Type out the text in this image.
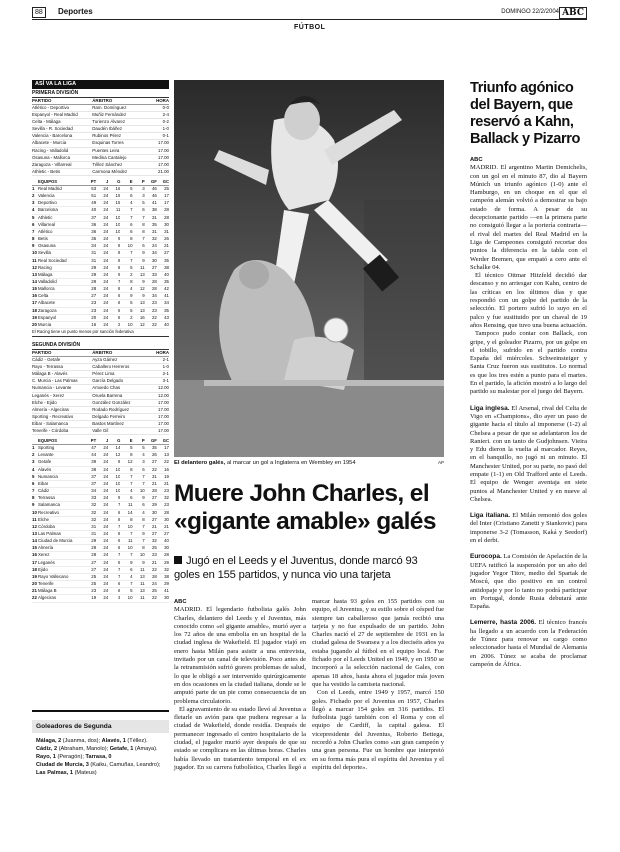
88	Deportes	DOMINGO 22/2/2004 ABC
FÚTBOL
ASÍ VA LA LIGA
PRIMERA DIVISIÓN
PARTIDO	ÁRBITRO	HORA
Atlético - Deportivo	Ram. Domínguez	0-0
Espanyol - Real Madrid	Muñiz Fernández	2-4
Celta - Málaga	Turienzo Álvarez	0-2
Sevilla - R. Sociedad	Daudén Ibáñez	1-0
Valencia - Barcelona	Rubinos Pérez	0-1
Albacete - Murcia	Esquinas Torres	17.00
Racing - Valladolid	Puentes Leira	17.00
Osasuna - Mallorca	Medina Cantalejo	17.00
Zaragoza - Villarreal	Téllez Sánchez	17.00
Athletic - Betis	Carmona Méndez	21.00
	EQUIPOS	PT	J	G	E	P	GF	GC
1	Real Madrid	53	24	16	5	3	46	25
2	Valencia	51	24	15	6	3	46	17
3	Deportivo	49	24	15	4	5	41	17
4	Barcelona	40	24	11	7	6	38	28
5	Athletic	37	24	10	7	7	31	28
6	Villarreal	36	24	10	6	8	35	30
7	Atlético	36	24	10	6	8	31	31
8	Betis	35	24	9	8	7	32	26
9	Osasuna	34	24	8	10	6	24	21
10	Sevilla	31	24	8	7	9	34	27
11	Real Sociedad	31	24	8	7	9	30	35
12	Racing	29	24	8	5	11	27	38
13	Málaga	29	24	9	2	13	33	40
14	Valladolid	29	24	7	8	9	28	35
15	Mallorca	28	24	8	4	12	28	42
16	Celta	27	24	6	9	9	34	41
17	Albacete	23	24	6	5	13	23	34
18	Zaragoza	23	24	6	5	13	23	35
19	Espanyol	20	24	6	2	16	22	43
20	Murcia	16	24	2	10	12	22	40
El Racing tiene un punto menos por sanción federativa
SEGUNDA DIVISIÓN
PARTIDO	ÁRBITRO	HORA
Cádiz - Getafe	Ayza Gámez	2-1
Rayo - Terrassa	Caballero Herreros	1-0
Málaga B - Alavés	Pérez Lima	2-1
C. Murcia - Las Palmas	García Delgado	3-1
Numancia - Levante	Amoedo Chas	12.00
Leganés - Xerez	Oruela Barrena	12.00
Elche - Ejido	González González	17.00
Almería - Algeciras	Rodado Rodríguez	17.00
Sporting - Recreativo	Delgado Ferreiro	17.00
Eibar - Salamanca	Bastos Martínez	17.00
Tenerife - Córdoba	Valle Gil	17.00
	EQUIPOS	PT	J	G	E	P	GF	GC
1	Sporting	47	24	14	5	5	35	17
2	Levante	44	24	12	8	4	26	13
3	Getafe	39	24	9	12	3	27	22
4	Alavés	38	24	10	8	6	22	16
5	Numancia	37	24	10	7	7	31	19
6	Eibar	37	24	10	7	7	21	21
7	Cádiz	34	24	10	4	10	28	23
8	Terrassa	33	24	9	6	9	27	32
9	Salamanca	32	24	7	11	6	29	23
10	Recreativo	32	24	6	14	4	30	28
11	Elche	32	24	8	8	8	27	30
12	Córdoba	31	24	7	10	7	21	21
13	Las Palmas	31	24	8	7	9	27	27
14	Ciudad de Murcia	29	24	6	11	7	32	40
15	Almería	28	24	6	10	8	25	30
16	Xerez	28	24	7	7	10	23	28
17	Leganés	27	24	6	9	9	21	29
18	Ejido	27	24	7	6	11	22	32
19	Rayo Vallecano	25	24	7	4	13	28	38
20	Tenerife	25	24	6	7	11	24	29
21	Málaga B	23	24	6	5	13	25	41
22	Algeciras	19	24	3	10	11	22	30
Goleadores de Segunda

Málaga, 2 (Juanma, dos); Alavés, 1 (Téllez).

Cádiz, 2 (Abraham, Manolo); Getafe, 1 (Amaya).

Rayo, 1 (Peragón); Tarrasa, 0

Ciudad de Murcia, 3 (Kaiku, Camuñas, Leandro); Las Palmas, 1 (Mateus)

El delantero galés, al marcar un gol a Inglaterra en Wembley en 1954	AP
Muere John Charles, el «gigante amable» galés
Jugó en el Leeds y el Juventus, donde marcó 93 goles en 155 partidos, y nunca vio una tarjeta
ABC

MADRID. El legendario futbolista galés John Charles, delantero del Leeds y el Juventus, más conocido como «el gigante amable», murió ayer a los 72 años de una embolia en un hospital de la ciudad inglesa de Wakefield. El jugador viajó en enero hasta Milán para asistir a una entrevista, invitado por un canal de televisión. Poco antes de la retransmisión sufrió graves problemas de salud, lo que le obligó a ser intervenido quirúrgicamente en dos ocasiones en la ciudad italiana, donde se le amputó parte de un pie como consecuencia de un problema circulatorio.

El agravamiento de su estado llevó al Juventus a fletarle un avión para que pudiera regresar a la ciudad de Wakefield, donde residía. Después de permanecer ingresado el centro hospitalario de la ciudad, el jugador murió ayer después de que su estado se complicara en las últimas horas. Charles había llevado un tratamiento temporal en el ex jugador. En su carrera futbolística, Charles llegó a marcar hasta 93 goles en 155 partidos con su equipo, el Juventus, y su estilo sobre el césped fue siempre tan caballeroso que jamás recibió una tarjeta y no fue expulsado de un partido. John Charles nació el 27 de septiembre de 1931 en la ciudad galesa de Swansea y a los dieciséis años ya estaba jugando al fútbol en el equipo local. Fue fichado por el Leeds United en 1949, y en 1950 se incorporó a la selección nacional de Gales, con apenas 18 años, hasta ahora el jugador más joven que ha vestido la camiseta nacional.

Con el Leeds, entre 1949 y 1957, marcó 150 goles. Fichado por el Juventus en 1957, Charles llegó a marcar 154 goles en 316 partidos. El futbolista jugó también con el Roma y con el equipo de Cardiff, la capital galesa. El vicepresidente del Juventus, Roberto Bettega, recordó a John Charles como «un gran campeón y una gran persona. Fue un hombre que interpretó en su forma más pura el espíritu del Juventus y el espíritu del deporte».

Triunfo agónico del Bayern, que reservó a Kahn, Ballack y Pizarro
ABC

MADRID. El argentino Martin Demichelis, con un gol en el minuto 87, dio al Bayern Múnich un triunfo agónico (1-0) ante el Hamburgo, en un choque en el que el campeón alemán volvió a demostrar su bajo estado de forma. A pesar de su decepcionante partido —en la primera parte no consiguió llegar a la portería contraria— el rival del martes del Real Madrid en la Liga de Campeones consiguió recortar dos puntos la diferencia en la tabla con el Werder Bremen, que empató a cero ante el Schalke 04.

El técnico Ottmar Hitzfeld decidió dar descanso y no arriesgar con Kahn, centro de las críticas en los últimos días y que respondió con un golpe del partido de la selección. El portero sufrió lo suyo en el palco y fue sustituido por un chaval de 19 años Rensing, que tuvo una buena actuación.

Tampoco pudo contar con Ballack, con gripe, y el goleador Pizarro, por un golpe en el tobillo, sufrido en el partido contra España del miércoles. Schweinsteiger y Santa Cruz fueron sus sustitutos. Lo normal es que los tres estén a punto para el martes. En el partido, la afición mostró a lo largo del partido su malestar por el juego del Bayern.

Liga inglesa. El Arsenal, rival del Celta de Vigo en «Champions», dio ayer un paso de gigante hacia el título al imponerse (1-2) al Chelsea a pesar de que se adelantaron los de Ranieri. con un tanto de Gudjohnsen. Vieira y Edu dieron la vuelta al marcador. Reyes, en el banquillo, no jugó ni un minuto. El Manchester United, por su parte, no pasó del empate (1-1) en Old Trafford ante el Leeds. El equipo de Wenger aventaja en siete puntos al Manchester United y en nueve al Chelsea.

Liga italiana. El Milán remontó dos goles del Inter (Cristiano Zanetti y Stankovic) para imponerse 3-2 (Tomasson, Kaká y Seedorf) en el derbi.

Eurocopa. La Comisión de Apelación de la UEFA ratificó la suspensión por un año del jugador Yegor Titov, medio del Spartak de Moscú, que dio positivo en un control antidopaje y por lo tanto no podrá participar en Portugal, donde Rusia debutará ante España.

Lemerre, hasta 2006. El técnico francés ha llegado a un acuerdo con la Federación de Túnez para renovar su cargo como seleccionador hasta el Mundial de Alemania en 2006. Túnez se acaba de proclamar campeón de África.
